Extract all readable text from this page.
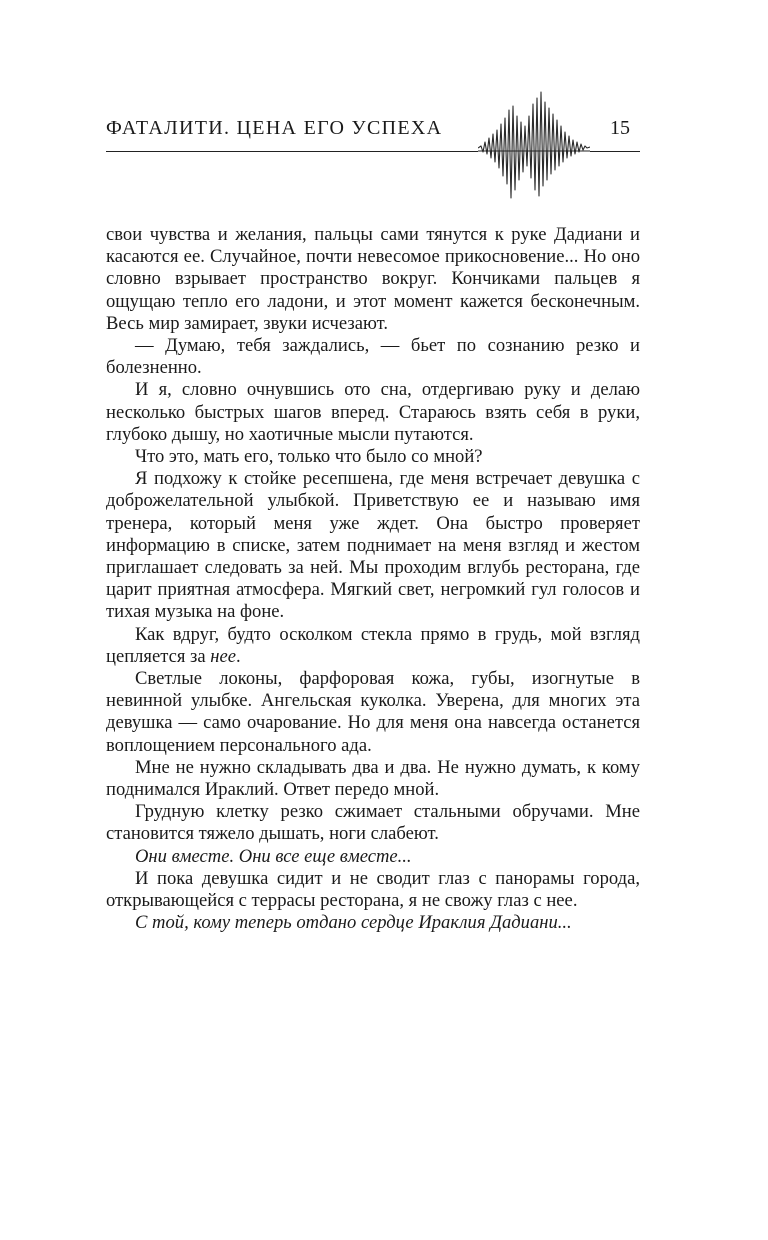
ФАТАЛИТИ. ЦЕНА ЕГО УСПЕХА	15

свои чувства и желания, пальцы сами тянутся к руке Дадиани и касаются ее. Случайное, почти невесомое прикосновение... Но оно словно взрывает пространство вокруг. Кончиками пальцев я ощущаю тепло его ладони, и этот момент кажется бесконечным. Весь мир замирает, звуки исчезают.

— Думаю, тебя заждались, — бьет по сознанию резко и болезненно.

И я, словно очнувшись ото сна, отдергиваю руку и делаю несколько быстрых шагов вперед. Стараюсь взять себя в руки, глубоко дышу, но хаотичные мысли путаются.

Что это, мать его, только что было со мной?

Я подхожу к стойке ресепшена, где меня встречает девушка с доброжелательной улыбкой. Приветствую ее и называю имя тренера, который меня уже ждет. Она быстро проверяет информацию в списке, затем поднимает на меня взгляд и жестом приглашает следовать за ней. Мы проходим вглубь ресторана, где царит приятная атмосфера. Мягкий свет, негромкий гул голосов и тихая музыка на фоне.

Как вдруг, будто осколком стекла прямо в грудь, мой взгляд цепляется за нее.

Светлые локоны, фарфоровая кожа, губы, изогнутые в невинной улыбке. Ангельская куколка. Уверена, для многих эта девушка — само очарование. Но для меня она навсегда останется воплощением персонального ада.

Мне не нужно складывать два и два. Не нужно думать, к кому поднимался Ираклий. Ответ передо мной.

Грудную клетку резко сжимает стальными обручами. Мне становится тяжело дышать, ноги слабеют.

Они вместе. Они все еще вместе...

И пока девушка сидит и не сводит глаз с панорамы города, открывающейся с террасы ресторана, я не свожу глаз с нее.

С той, кому теперь отдано сердце Ираклия Дадиани...
